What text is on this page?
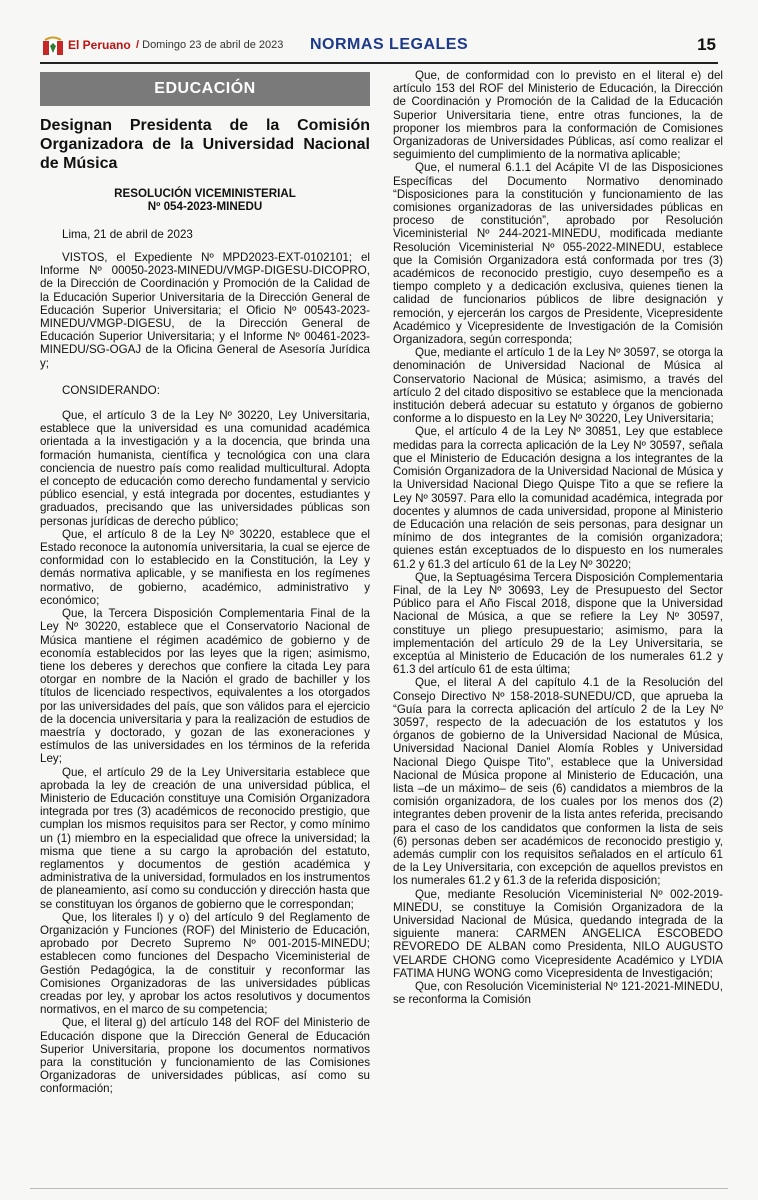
El Peruano / Domingo 23 de abril de 2023 NORMAS LEGALES	15
EDUCACIÓN
Designan Presidenta de la Comisión Organizadora de la Universidad Nacional de Música
RESOLUCIÓN VICEMINISTERIAL
Nº 054-2023-MINEDU

Lima, 21 de abril de 2023

VISTOS, el Expediente Nº MPD2023-EXT-0102101; el Informe Nº 00050-2023-MINEDU/VMGP-DIGESU-DICOPRO, de la Dirección de Coordinación y Promoción de la Calidad de la Educación Superior Universitaria de la Dirección General de Educación Superior Universitaria; el Oficio Nº 00543-2023-MINEDU/VMGP-DIGESU, de la Dirección General de Educación Superior Universitaria; y el Informe Nº 00461-2023-MINEDU/SG-OGAJ de la Oficina General de Asesoría Jurídica y;

CONSIDERANDO:

Que, el artículo 3 de la Ley Nº 30220, Ley Universitaria, establece que la universidad es una comunidad académica orientada a la investigación y a la docencia, que brinda una formación humanista, científica y tecnológica con una clara conciencia de nuestro país como realidad multicultural. Adopta el concepto de educación como derecho fundamental y servicio público esencial, y está integrada por docentes, estudiantes y graduados, precisando que las universidades públicas son personas jurídicas de derecho público;

Que, el artículo 8 de la Ley Nº 30220, establece que el Estado reconoce la autonomía universitaria, la cual se ejerce de conformidad con lo establecido en la Constitución, la Ley y demás normativa aplicable, y se manifiesta en los regímenes normativo, de gobierno, académico, administrativo y económico;

Que, la Tercera Disposición Complementaria Final de la Ley Nº 30220, establece que el Conservatorio Nacional de Música mantiene el régimen académico de gobierno y de economía establecidos por las leyes que la rigen; asimismo, tiene los deberes y derechos que confiere la citada Ley para otorgar en nombre de la Nación el grado de bachiller y los títulos de licenciado respectivos, equivalentes a los otorgados por las universidades del país, que son válidos para el ejercicio de la docencia universitaria y para la realización de estudios de maestría y doctorado, y gozan de las exoneraciones y estímulos de las universidades en los términos de la referida Ley;

Que, el artículo 29 de la Ley Universitaria establece que aprobada la ley de creación de una universidad pública, el Ministerio de Educación constituye una Comisión Organizadora integrada por tres (3) académicos de reconocido prestigio, que cumplan los mismos requisitos para ser Rector, y como mínimo un (1) miembro en la especialidad que ofrece la universidad; la misma que tiene a su cargo la aprobación del estatuto, reglamentos y documentos de gestión académica y administrativa de la universidad, formulados en los instrumentos de planeamiento, así como su conducción y dirección hasta que se constituyan los órganos de gobierno que le correspondan;

Que, los literales l) y o) del artículo 9 del Reglamento de Organización y Funciones (ROF) del Ministerio de Educación, aprobado por Decreto Supremo Nº 001-2015-MINEDU; establecen como funciones del Despacho Viceministerial de Gestión Pedagógica, la de constituir y reconformar las Comisiones Organizadoras de las universidades públicas creadas por ley, y aprobar los actos resolutivos y documentos normativos, en el marco de su competencia;

Que, el literal g) del artículo 148 del ROF del Ministerio de Educación dispone que la Dirección General de Educación Superior Universitaria, propone los documentos normativos para la constitución y funcionamiento de las Comisiones Organizadoras de universidades públicas, así como su conformación;

Que, de conformidad con lo previsto en el literal e) del artículo 153 del ROF del Ministerio de Educación, la Dirección de Coordinación y Promoción de la Calidad de la Educación Superior Universitaria tiene, entre otras funciones, la de proponer los miembros para la conformación de Comisiones Organizadoras de Universidades Públicas, así como realizar el seguimiento del cumplimiento de la normativa aplicable;

Que, el numeral 6.1.1 del Acápite VI de las Disposiciones Específicas del Documento Normativo denominado “Disposiciones para la constitución y funcionamiento de las comisiones organizadoras de las universidades públicas en proceso de constitución”, aprobado por Resolución Viceministerial Nº 244-2021-MINEDU, modificada mediante Resolución Viceministerial Nº 055-2022-MINEDU, establece que la Comisión Organizadora está conformada por tres (3) académicos de reconocido prestigio, cuyo desempeño es a tiempo completo y a dedicación exclusiva, quienes tienen la calidad de funcionarios públicos de libre designación y remoción, y ejercerán los cargos de Presidente, Vicepresidente Académico y Vicepresidente de Investigación de la Comisión Organizadora, según corresponda;

Que, mediante el artículo 1 de la Ley Nº 30597, se otorga la denominación de Universidad Nacional de Música al Conservatorio Nacional de Música; asimismo, a través del artículo 2 del citado dispositivo se establece que la mencionada institución deberá adecuar su estatuto y órganos de gobierno conforme a lo dispuesto en la Ley Nº 30220, Ley Universitaria;

Que, el artículo 4 de la Ley Nº 30851, Ley que establece medidas para la correcta aplicación de la Ley Nº 30597, señala que el Ministerio de Educación designa a los integrantes de la Comisión Organizadora de la Universidad Nacional de Música y la Universidad Nacional Diego Quispe Tito a que se refiere la Ley Nº 30597. Para ello la comunidad académica, integrada por docentes y alumnos de cada universidad, propone al Ministerio de Educación una relación de seis personas, para designar un mínimo de dos integrantes de la comisión organizadora; quienes están exceptuados de lo dispuesto en los numerales 61.2 y 61.3 del artículo 61 de la Ley Nº 30220;

Que, la Septuagésima Tercera Disposición Complementaria Final, de la Ley Nº 30693, Ley de Presupuesto del Sector Público para el Año Fiscal 2018, dispone que la Universidad Nacional de Música, a que se refiere la Ley Nº 30597, constituye un pliego presupuestario; asimismo, para la implementación del artículo 29 de la Ley Universitaria, se exceptúa al Ministerio de Educación de los numerales 61.2 y 61.3 del artículo 61 de esta última;

Que, el literal A del capítulo 4.1 de la Resolución del Consejo Directivo Nº 158-2018-SUNEDU/CD, que aprueba la “Guía para la correcta aplicación del artículo 2 de la Ley Nº 30597, respecto de la adecuación de los estatutos y los órganos de gobierno de la Universidad Nacional de Música, Universidad Nacional Daniel Alomía Robles y Universidad Nacional Diego Quispe Tito”, establece que la Universidad Nacional de Música propone al Ministerio de Educación, una lista –de un máximo– de seis (6) candidatos a miembros de la comisión organizadora, de los cuales por los menos dos (2) integrantes deben provenir de la lista antes referida, precisando para el caso de los candidatos que conformen la lista de seis (6) personas deben ser académicos de reconocido prestigio y, además cumplir con los requisitos señalados en el artículo 61 de la Ley Universitaria, con excepción de aquellos previstos en los numerales 61.2 y 61.3 de la referida disposición;

Que, mediante Resolución Viceministerial Nº 002-2019-MINEDU, se constituye la Comisión Organizadora de la Universidad Nacional de Música, quedando integrada de la siguiente manera: CARMEN ANGELICA ESCOBEDO REVOREDO DE ALBAN como Presidenta, NILO AUGUSTO VELARDE CHONG como Vicepresidente Académico y LYDIA FATIMA HUNG WONG como Vicepresidenta de Investigación;

Que, con Resolución Viceministerial Nº 121-2021-MINEDU, se reconforma la Comisión
